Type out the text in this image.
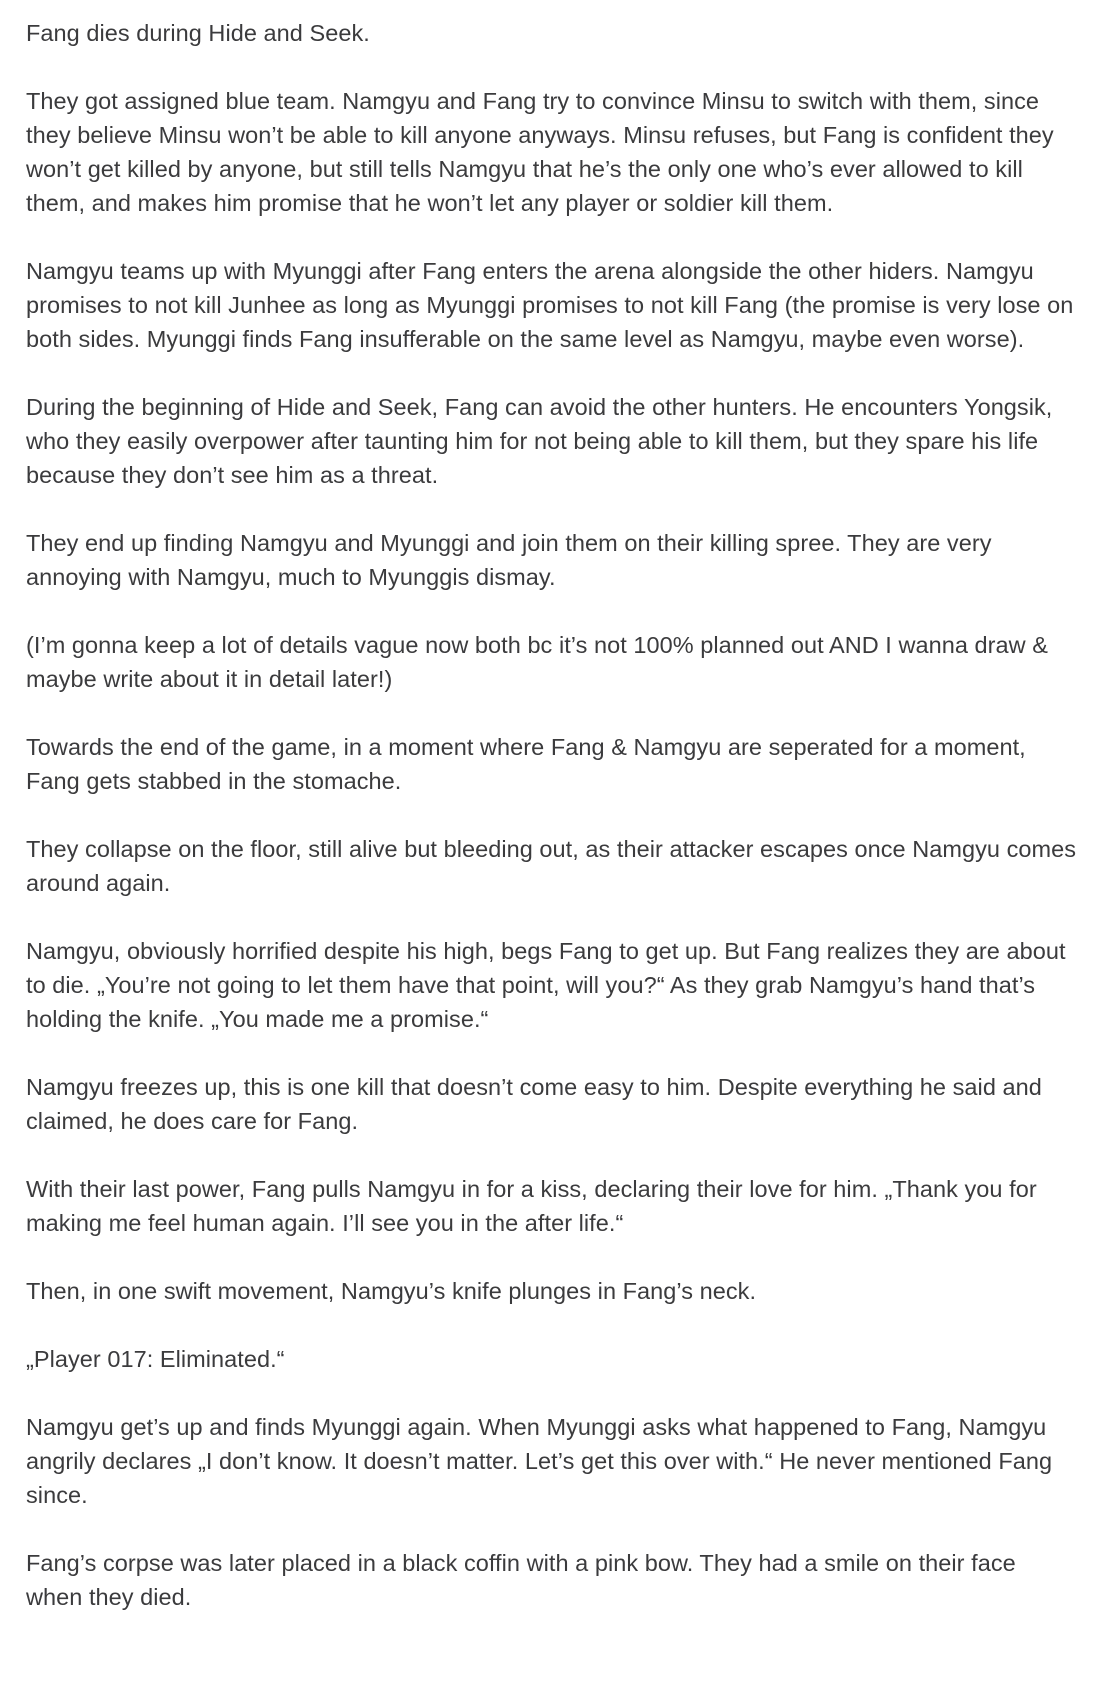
Fang dies during Hide and Seek.

They got assigned blue team. Namgyu and Fang try to convince Minsu to switch with them, since they believe Minsu won’t be able to kill anyone anyways. Minsu refuses, but Fang is confident they won’t get killed by anyone, but still tells Namgyu that he’s the only one who’s ever allowed to kill them, and makes him promise that he won’t let any player or soldier kill them.

Namgyu teams up with Myunggi after Fang enters the arena alongside the other hiders. Namgyu promises to not kill Junhee as long as Myunggi promises to not kill Fang (the promise is very lose on both sides. Myunggi finds Fang insufferable on the same level as Namgyu, maybe even worse).

During the beginning of Hide and Seek, Fang can avoid the other hunters. He encounters Yongsik, who they easily overpower after taunting him for not being able to kill them, but they spare his life because they don’t see him as a threat.

They end up finding Namgyu and Myunggi and join them on their killing spree. They are very annoying with Namgyu, much to Myunggis dismay.

(I’m gonna keep a lot of details vague now both bc it’s not 100% planned out AND I wanna draw & maybe write about it in detail later!)

Towards the end of the game, in a moment where Fang & Namgyu are seperated for a moment, Fang gets stabbed in the stomache.

They collapse on the floor, still alive but bleeding out, as their attacker escapes once Namgyu comes around again.

Namgyu, obviously horrified despite his high, begs Fang to get up. But Fang realizes they are about to die. „You’re not going to let them have that point, will you?“ As they grab Namgyu’s hand that’s holding the knife. „You made me a promise.“

Namgyu freezes up, this is one kill that doesn’t come easy to him. Despite everything he said and claimed, he does care for Fang.

With their last power, Fang pulls Namgyu in for a kiss, declaring their love for him. „Thank you for making me feel human again. I’ll see you in the after life.“

Then, in one swift movement, Namgyu’s knife plunges in Fang’s neck.

„Player 017: Eliminated.“

Namgyu get’s up and finds Myunggi again. When Myunggi asks what happened to Fang, Namgyu angrily declares „I don’t know. It doesn’t matter. Let’s get this over with.“ He never mentioned Fang since.

Fang’s corpse was later placed in a black coffin with a pink bow. They had a smile on their face when they died.
